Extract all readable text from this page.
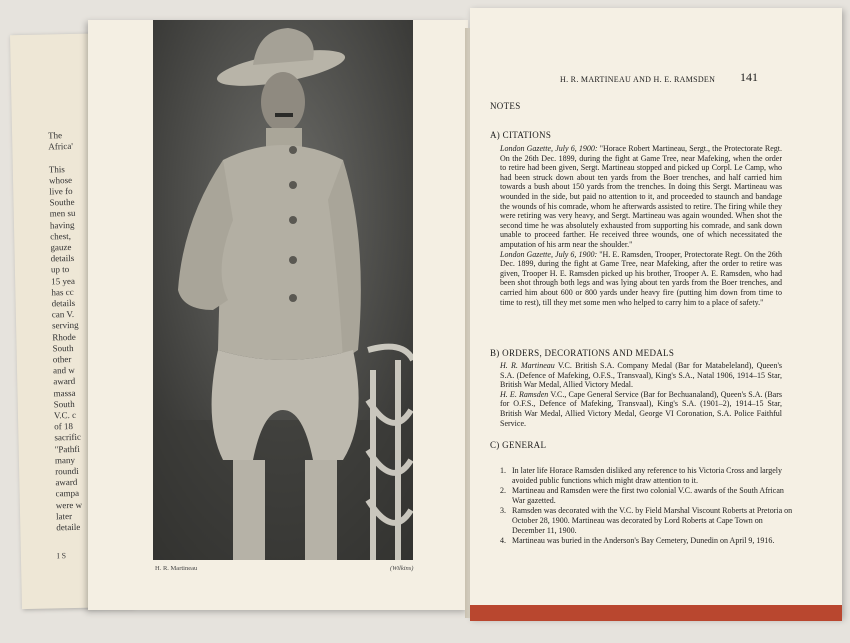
The
Africa'
This
whose
live fo
Southe
men su
having
chest,
gauze
details
up to
15 yea
has cc
details
can V.
serving
Rhode
South
other
and w
award
massa
South
V.C. c
of 18
sacrific
"Pathfi
many
roundi
award
campa
were w
later
detaile
IS
H. R. Martineau	(Wilkins)
H. R. MARTINEAU AND H. E. RAMSDEN 141
NOTES
A) CITATIONS

London Gazette, July 6, 1900: "Horace Robert Martineau, Sergt., the Protectorate Regt. On the 26th Dec. 1899, during the fight at Game Tree, near Mafeking, when the order to retire had been given, Sergt. Martineau stopped and picked up Corpl. Le Camp, who had been struck down about ten yards from the Boer trenches, and half carried him towards a bush about 150 yards from the trenches. In doing this Sergt. Martineau was wounded in the side, but paid no attention to it, and proceeded to staunch and bandage the wounds of his comrade, whom he afterwards assisted to retire. The firing while they were retiring was very heavy, and Sergt. Martineau was again wounded. When shot the second time he was absolutely exhausted from supporting his comrade, and sank down unable to proceed farther. He received three wounds, one of which necessitated the amputation of his arm near the shoulder."

London Gazette, July 6, 1900: "H. E. Ramsden, Trooper, Protectorate Regt. On the 26th Dec. 1899, during the fight at Game Tree, near Mafeking, after the order to retire was given, Trooper H. E. Ramsden picked up his brother, Trooper A. E. Ramsden, who had been shot through both legs and was lying about ten yards from the Boer trenches, and carried him about 600 or 800 yards under heavy fire (putting him down from time to time to rest), till they met some men who helped to carry him to a place of safety."

B) ORDERS, DECORATIONS AND MEDALS

H. R. Martineau V.C. British S.A. Company Medal (Bar for Matabeleland), Queen's S.A. (Defence of Mafeking, O.F.S., Transvaal), King's S.A., Natal 1906, 1914–15 Star, British War Medal, Allied Victory Medal.

H. E. Ramsden V.C., Cape General Service (Bar for Bechuanaland), Queen's S.A. (Bars for O.F.S., Defence of Mafeking, Transvaal), King's S.A. (1901–2), 1914–15 Star, British War Medal, Allied Victory Medal, George VI Coronation, S.A. Police Faithful Service.

C) GENERAL
1. In later life Horace Ramsden disliked any reference to his Victoria Cross and largely avoided public functions which might draw attention to it.
2. Martineau and Ramsden were the first two colonial V.C. awards of the South African War gazetted.
3. Ramsden was decorated with the V.C. by Field Marshal Viscount Roberts at Pretoria on October 28, 1900. Martineau was decorated by Lord Roberts at Cape Town on December 11, 1900.
4. Martineau was buried in the Anderson's Bay Cemetery, Dunedin on April 9, 1916.
